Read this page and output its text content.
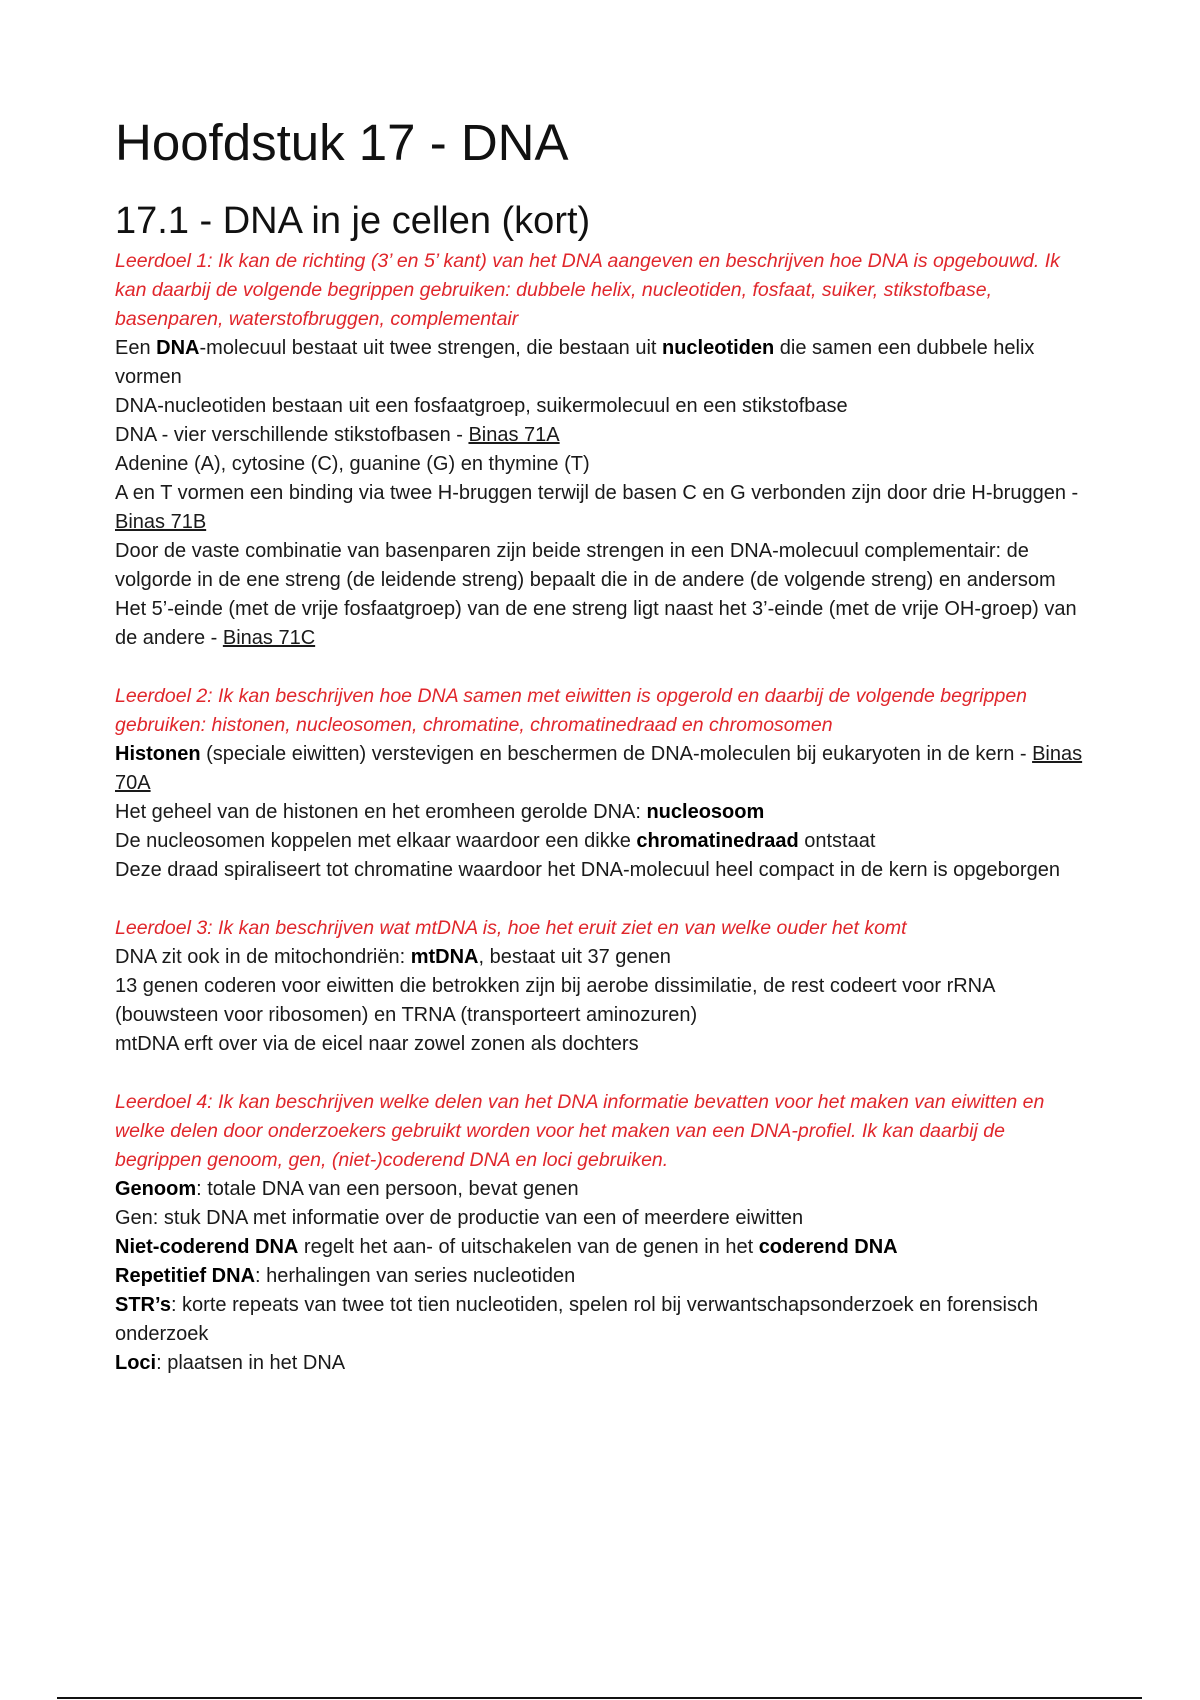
Hoofdstuk 17 - DNA
17.1 - DNA in je cellen (kort)

Leerdoel 1: Ik kan de richting (3’ en 5’ kant) van het DNA aangeven en beschrijven hoe DNA is opgebouwd. Ik kan daarbij de volgende begrippen gebruiken: dubbele helix, nucleotiden, fosfaat, suiker, stikstofbase, basenparen, waterstofbruggen, complementair

Een DNA-molecuul bestaat uit twee strengen, die bestaan uit nucleotiden die samen een dubbele helix vormen

DNA-nucleotiden bestaan uit een fosfaatgroep, suikermolecuul en een stikstofbase

DNA - vier verschillende stikstofbasen - Binas 71A

Adenine (A), cytosine (C), guanine (G) en thymine (T)

A en T vormen een binding via twee H-bruggen terwijl de basen C en G verbonden zijn door drie H-bruggen - Binas 71B

Door de vaste combinatie van basenparen zijn beide strengen in een DNA-molecuul complementair: de volgorde in de ene streng (de leidende streng) bepaalt die in de andere (de volgende streng) en andersom

Het 5’-einde (met de vrije fosfaatgroep) van de ene streng ligt naast het 3’-einde (met de vrije OH-groep) van de andere - Binas 71C

Leerdoel 2: Ik kan beschrijven hoe DNA samen met eiwitten is opgerold en daarbij de volgende begrippen gebruiken: histonen, nucleosomen, chromatine, chromatinedraad en chromosomen

Histonen (speciale eiwitten) verstevigen en beschermen de DNA-moleculen bij eukaryoten in de kern - Binas 70A

Het geheel van de histonen en het eromheen gerolde DNA: nucleosoom

De nucleosomen koppelen met elkaar waardoor een dikke chromatinedraad ontstaat

Deze draad spiraliseert tot chromatine waardoor het DNA-molecuul heel compact in de kern is opgeborgen

Leerdoel 3: Ik kan beschrijven wat mtDNA is, hoe het eruit ziet en van welke ouder het komt

DNA zit ook in de mitochondriën: mtDNA, bestaat uit 37 genen

13 genen coderen voor eiwitten die betrokken zijn bij aerobe dissimilatie, de rest codeert voor rRNA (bouwsteen voor ribosomen) en TRNA (transporteert aminozuren)

mtDNA erft over via de eicel naar zowel zonen als dochters

Leerdoel 4: Ik kan beschrijven welke delen van het DNA informatie bevatten voor het maken van eiwitten en welke delen door onderzoekers gebruikt worden voor het maken van een DNA-profiel. Ik kan daarbij de begrippen genoom, gen, (niet-)coderend DNA en loci gebruiken.

Genoom: totale DNA van een persoon, bevat genen

Gen: stuk DNA met informatie over de productie van een of meerdere eiwitten

Niet-coderend DNA regelt het aan- of uitschakelen van de genen in het coderend DNA

Repetitief DNA: herhalingen van series nucleotiden

STR’s: korte repeats van twee tot tien nucleotiden, spelen rol bij verwantschapsonderzoek en forensisch onderzoek

Loci: plaatsen in het DNA
